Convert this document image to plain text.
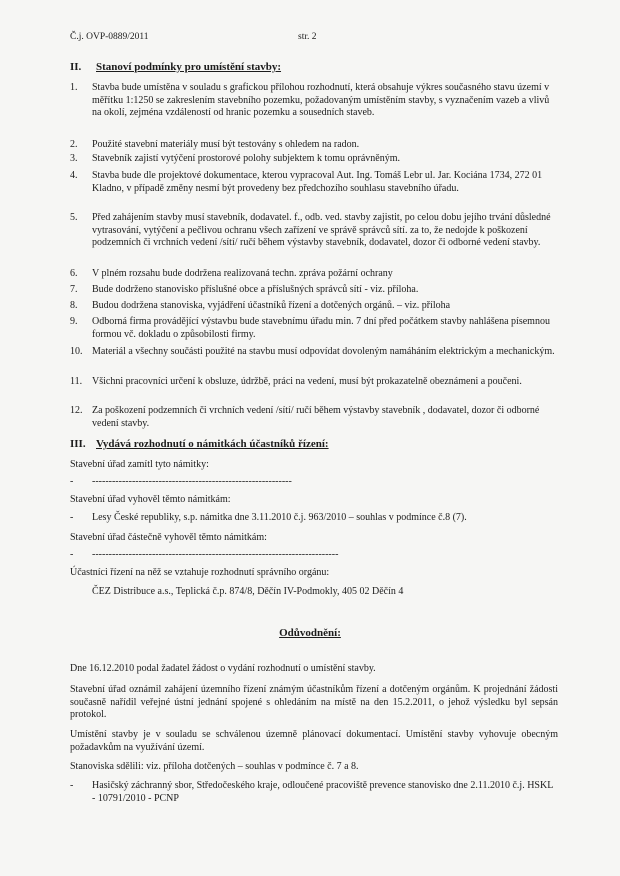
Č.j. OVP-0889/2011	str. 2
II. Stanoví podmínky pro umístění stavby:
1. Stavba bude umístěna v souladu s grafickou přílohou rozhodnutí, která obsahuje výkres současného stavu území v měřítku 1:1250 se zakreslením stavebního pozemku, požadovaným umístěním stavby, s vyznačením vazeb a vlivů na okolí, zejména vzdáleností od hranic pozemku a sousedních staveb.
2. Použité stavební materiály musí být testovány s ohledem na radon.
3. Stavebník zajistí vytýčení prostorové polohy subjektem k tomu oprávněným.
4. Stavba bude dle projektové dokumentace, kterou vypracoval Aut. Ing. Tomáš Lebr ul. Jar. Kociána 1734, 272 01 Kladno, v případě změny nesmí být provedeny bez předchozího souhlasu stavebního úřadu.
5. Před zahájením stavby musí stavebník, dodavatel. f., odb. ved. stavby zajistit, po celou dobu jejího trvání důsledné vytrasování, vytýčení a pečlivou ochranu všech zařízení ve správě správců sítí. za to, že nedojde k poškození podzemních či vrchních vedení /sítí/ ručí během výstavby stavebník, dodavatel, dozor či odborné vedení stavby.
6. V plném rozsahu bude dodržena realizovaná techn. zpráva požární ochrany
7. Bude dodrženo stanovisko příslušné obce a příslušných správců sítí - viz. příloha.
8. Budou dodržena stanoviska, vyjádření účastníků řízení a dotčených orgánů. – viz. příloha
9. Odborná firma provádějící výstavbu bude stavebnímu úřadu min. 7 dní před počátkem stavby nahlášena písemnou formou vč. dokladu o způsobilosti firmy.
10. Materiál a všechny součásti použité na stavbu musí odpovídat dovoleným namáháním elektrickým a mechanickým.
11. Všichni pracovníci určení k obsluze, údržbě, práci na vedení, musí být prokazatelně obeznámeni a poučeni.
12. Za poškození podzemních či vrchních vedení /sítí/ ručí během výstavby stavebník , dodavatel, dozor či odborné vedení stavby.
III. Vydává rozhodnutí o námitkách účastníků řízení:
Stavební úřad zamítl tyto námitky:
- ------------------------------------------------------------
Stavební úřad vyhověl těmto námitkám:
- Lesy České republiky, s.p. námitka dne 3.11.2010 č.j. 963/2010 – souhlas v podmínce č.8 (7).
Stavební úřad částečně vyhověl těmto námitkám:
- --------------------------------------------------------------------------
Účastníci řízení na něž se vztahuje rozhodnutí správního orgánu:
ČEZ Distribuce a.s., Teplická č.p. 874/8, Děčín IV-Podmokly, 405 02 Děčín 4
Odůvodnění:
Dne 16.12.2010 podal žadatel žádost o vydání rozhodnutí o umístění stavby.
Stavební úřad oznámil zahájení územního řízení známým účastníkům řízení a dotčeným orgánům. K projednání žádosti současně nařídil veřejné ústní jednání spojené s ohledáním na místě na den 15.2.2011, o jehož výsledku byl sepsán protokol.
Umístění stavby je v souladu se schválenou územně plánovací dokumentací. Umístění stavby vyhovuje obecným požadavkům na využívání území.
Stanoviska sdělili: viz. příloha dotčených – souhlas v podmínce č. 7 a 8.
- Hasičský záchranný sbor, Středočeského kraje, odloučené pracoviště prevence stanovisko dne 2.11.2010 č.j. HSKL - 10791/2010 - PCNP
